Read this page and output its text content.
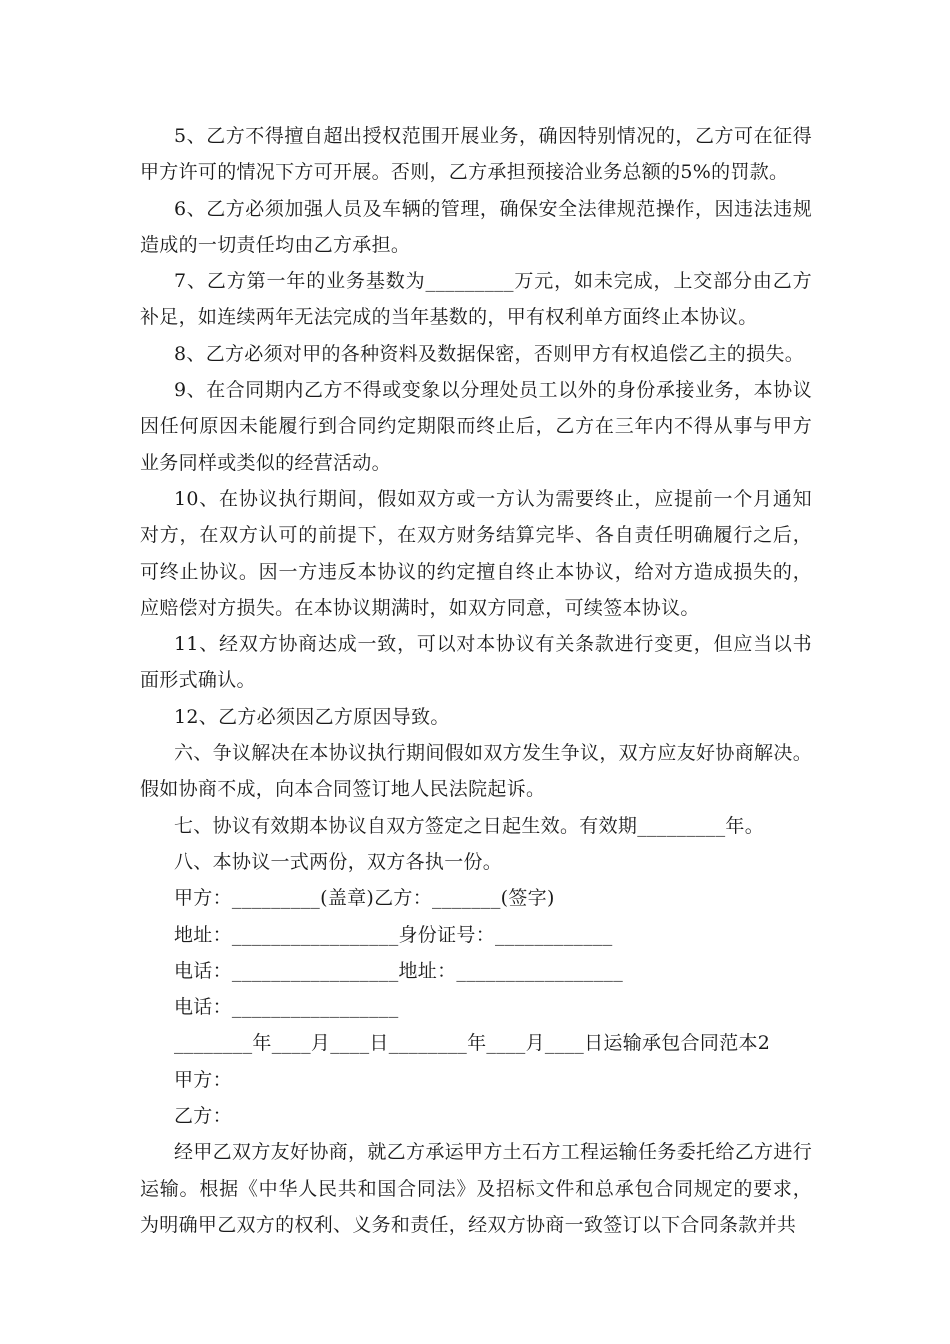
5、乙方不得擅自超出授权范围开展业务，确因特别情况的，乙方可在征得甲方许可的情况下方可开展。否则，乙方承担预接洽业务总额的5%的罚款。

6、乙方必须加强人员及车辆的管理，确保安全法律规范操作，因违法违规造成的一切责任均由乙方承担。

7、乙方第一年的业务基数为_________万元，如未完成，上交部分由乙方补足，如连续两年无法完成的当年基数的，甲有权利单方面终止本协议。

8、乙方必须对甲的各种资料及数据保密，否则甲方有权追偿乙主的损失。

9、在合同期内乙方不得或变象以分理处员工以外的身份承接业务，本协议因任何原因未能履行到合同约定期限而终止后，乙方在三年内不得从事与甲方业务同样或类似的经营活动。

10、在协议执行期间，假如双方或一方认为需要终止，应提前一个月通知对方，在双方认可的前提下，在双方财务结算完毕、各自责任明确履行之后，可终止协议。因一方违反本协议的约定擅自终止本协议，给对方造成损失的，应赔偿对方损失。在本协议期满时，如双方同意，可续签本协议。

11、经双方协商达成一致，可以对本协议有关条款进行变更，但应当以书面形式确认。

12、乙方必须因乙方原因导致。

六、争议解决在本协议执行期间假如双方发生争议，双方应友好协商解决。假如协商不成，向本合同签订地人民法院起诉。

七、协议有效期本协议自双方签定之日起生效。有效期_________年。

八、本协议一式两份，双方各执一份。

甲方：_________(盖章)乙方：_______(签字)

地址：_________________身份证号：____________

电话：_________________地址：_________________

电话：_________________

________年____月____日________年____月____日运输承包合同范本2

甲方：

乙方：

经甲乙双方友好协商，就乙方承运甲方土石方工程运输任务委托给乙方进行运输。根据《中华人民共和国合同法》及招标文件和总承包合同规定的要求，为明确甲乙双方的权利、义务和责任，经双方协商一致签订以下合同条款并共
